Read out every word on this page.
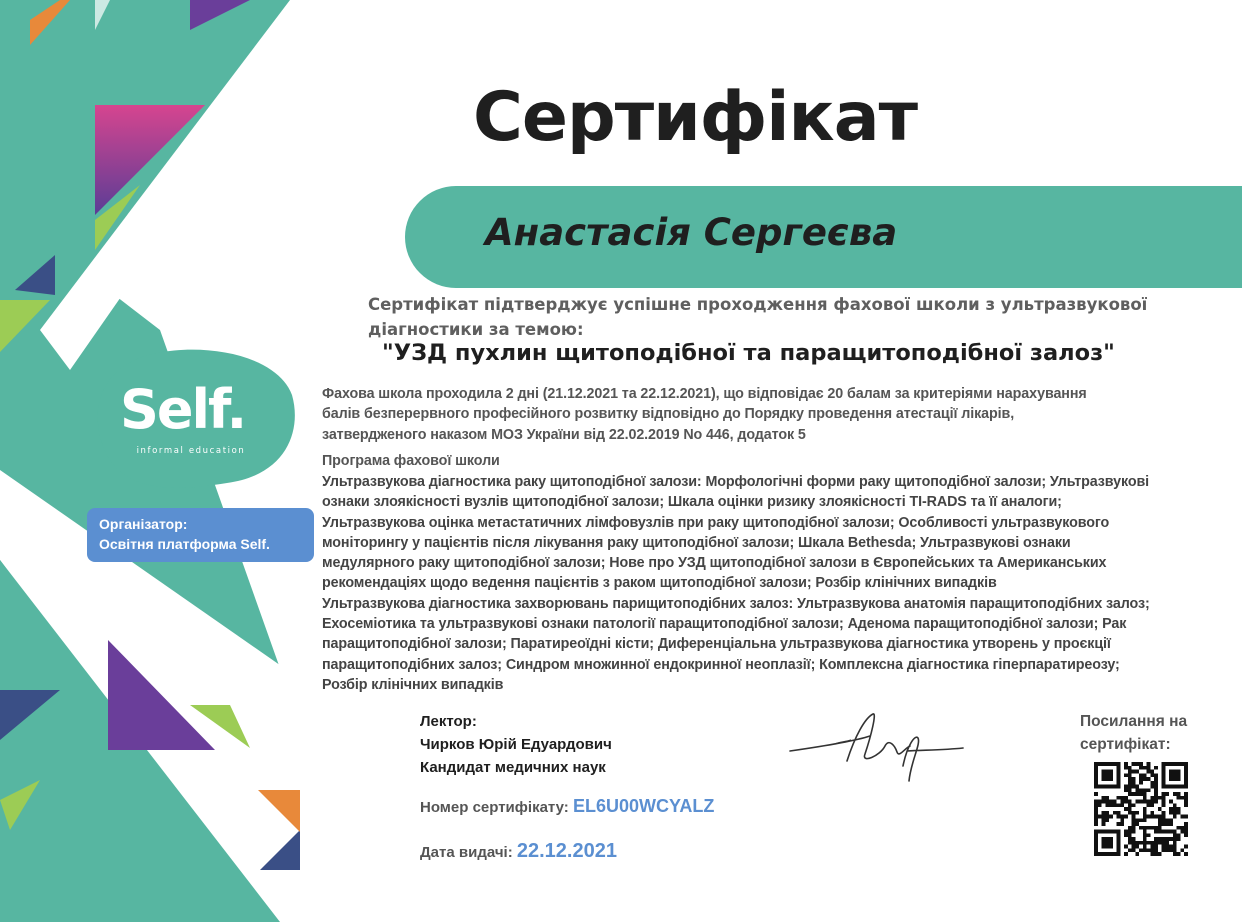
Сертифікат
Анастасія Сергеєва
Сертифікат підтверджує успішне проходження фахової школи з ультразвукової діагностики за темою:
"УЗД пухлин щитоподібної та паращитоподібної залоз"
Фахова школа проходила 2 дні (21.12.2021 та 22.12.2021), що відповідає 20 балам за критеріями нарахування
балів безперервного професійного розвитку відповідно до Порядку проведення атестації лікарів,
затвердженого наказом МОЗ України від 22.02.2019 No 446, додаток 5
Програма фахової школи
Ультразвукова діагностика раку щитоподібної залози: Морфологічні форми раку щитоподібної залози; Ультразвукові
ознаки злоякісності вузлів щитоподібної залози; Шкала оцінки ризику злоякісності TI-RADS та її аналоги;
Ультразвукова оцінка метастатичних лімфовузлів при раку щитоподібної залози; Особливості ультразвукового
моніторингу у пацієнтів після лікування раку щитоподібної залози; Шкала Bethesda; Ультразвукові ознаки
медулярного раку щитоподібної залози; Нове про УЗД щитоподібної залози в Європейських та Американських
рекомендаціях щодо ведення пацієнтів з раком щитоподібної залози; Розбір клінічних випадків
Ультразвукова діагностика захворювань парищитоподібних залоз: Ультразвукова анатомія паращитоподібних залоз;
Ехосеміотика та ультразвукові ознаки патології паращитоподібної залози; Аденома паращитоподібної залози; Рак
паращитоподібної залози; Паратиреоїдні кісти; Диференціальна ультразвукова діагностика утворень у проєкції
паращитоподібних залоз; Синдром множинної ендокринної неоплазії; Комплексна діагностика гіперпаратиреозу;
Розбір клінічних випадків
Лектор:
Чирков Юрій Едуардович
Кандидат медичних наук
Номер сертифікату: EL6U00WCYALZ
Дата видачі: 22.12.2021
Посилання на
сертифікат:
Self.
informal education
Організатор:
Освітня платформа Self.
